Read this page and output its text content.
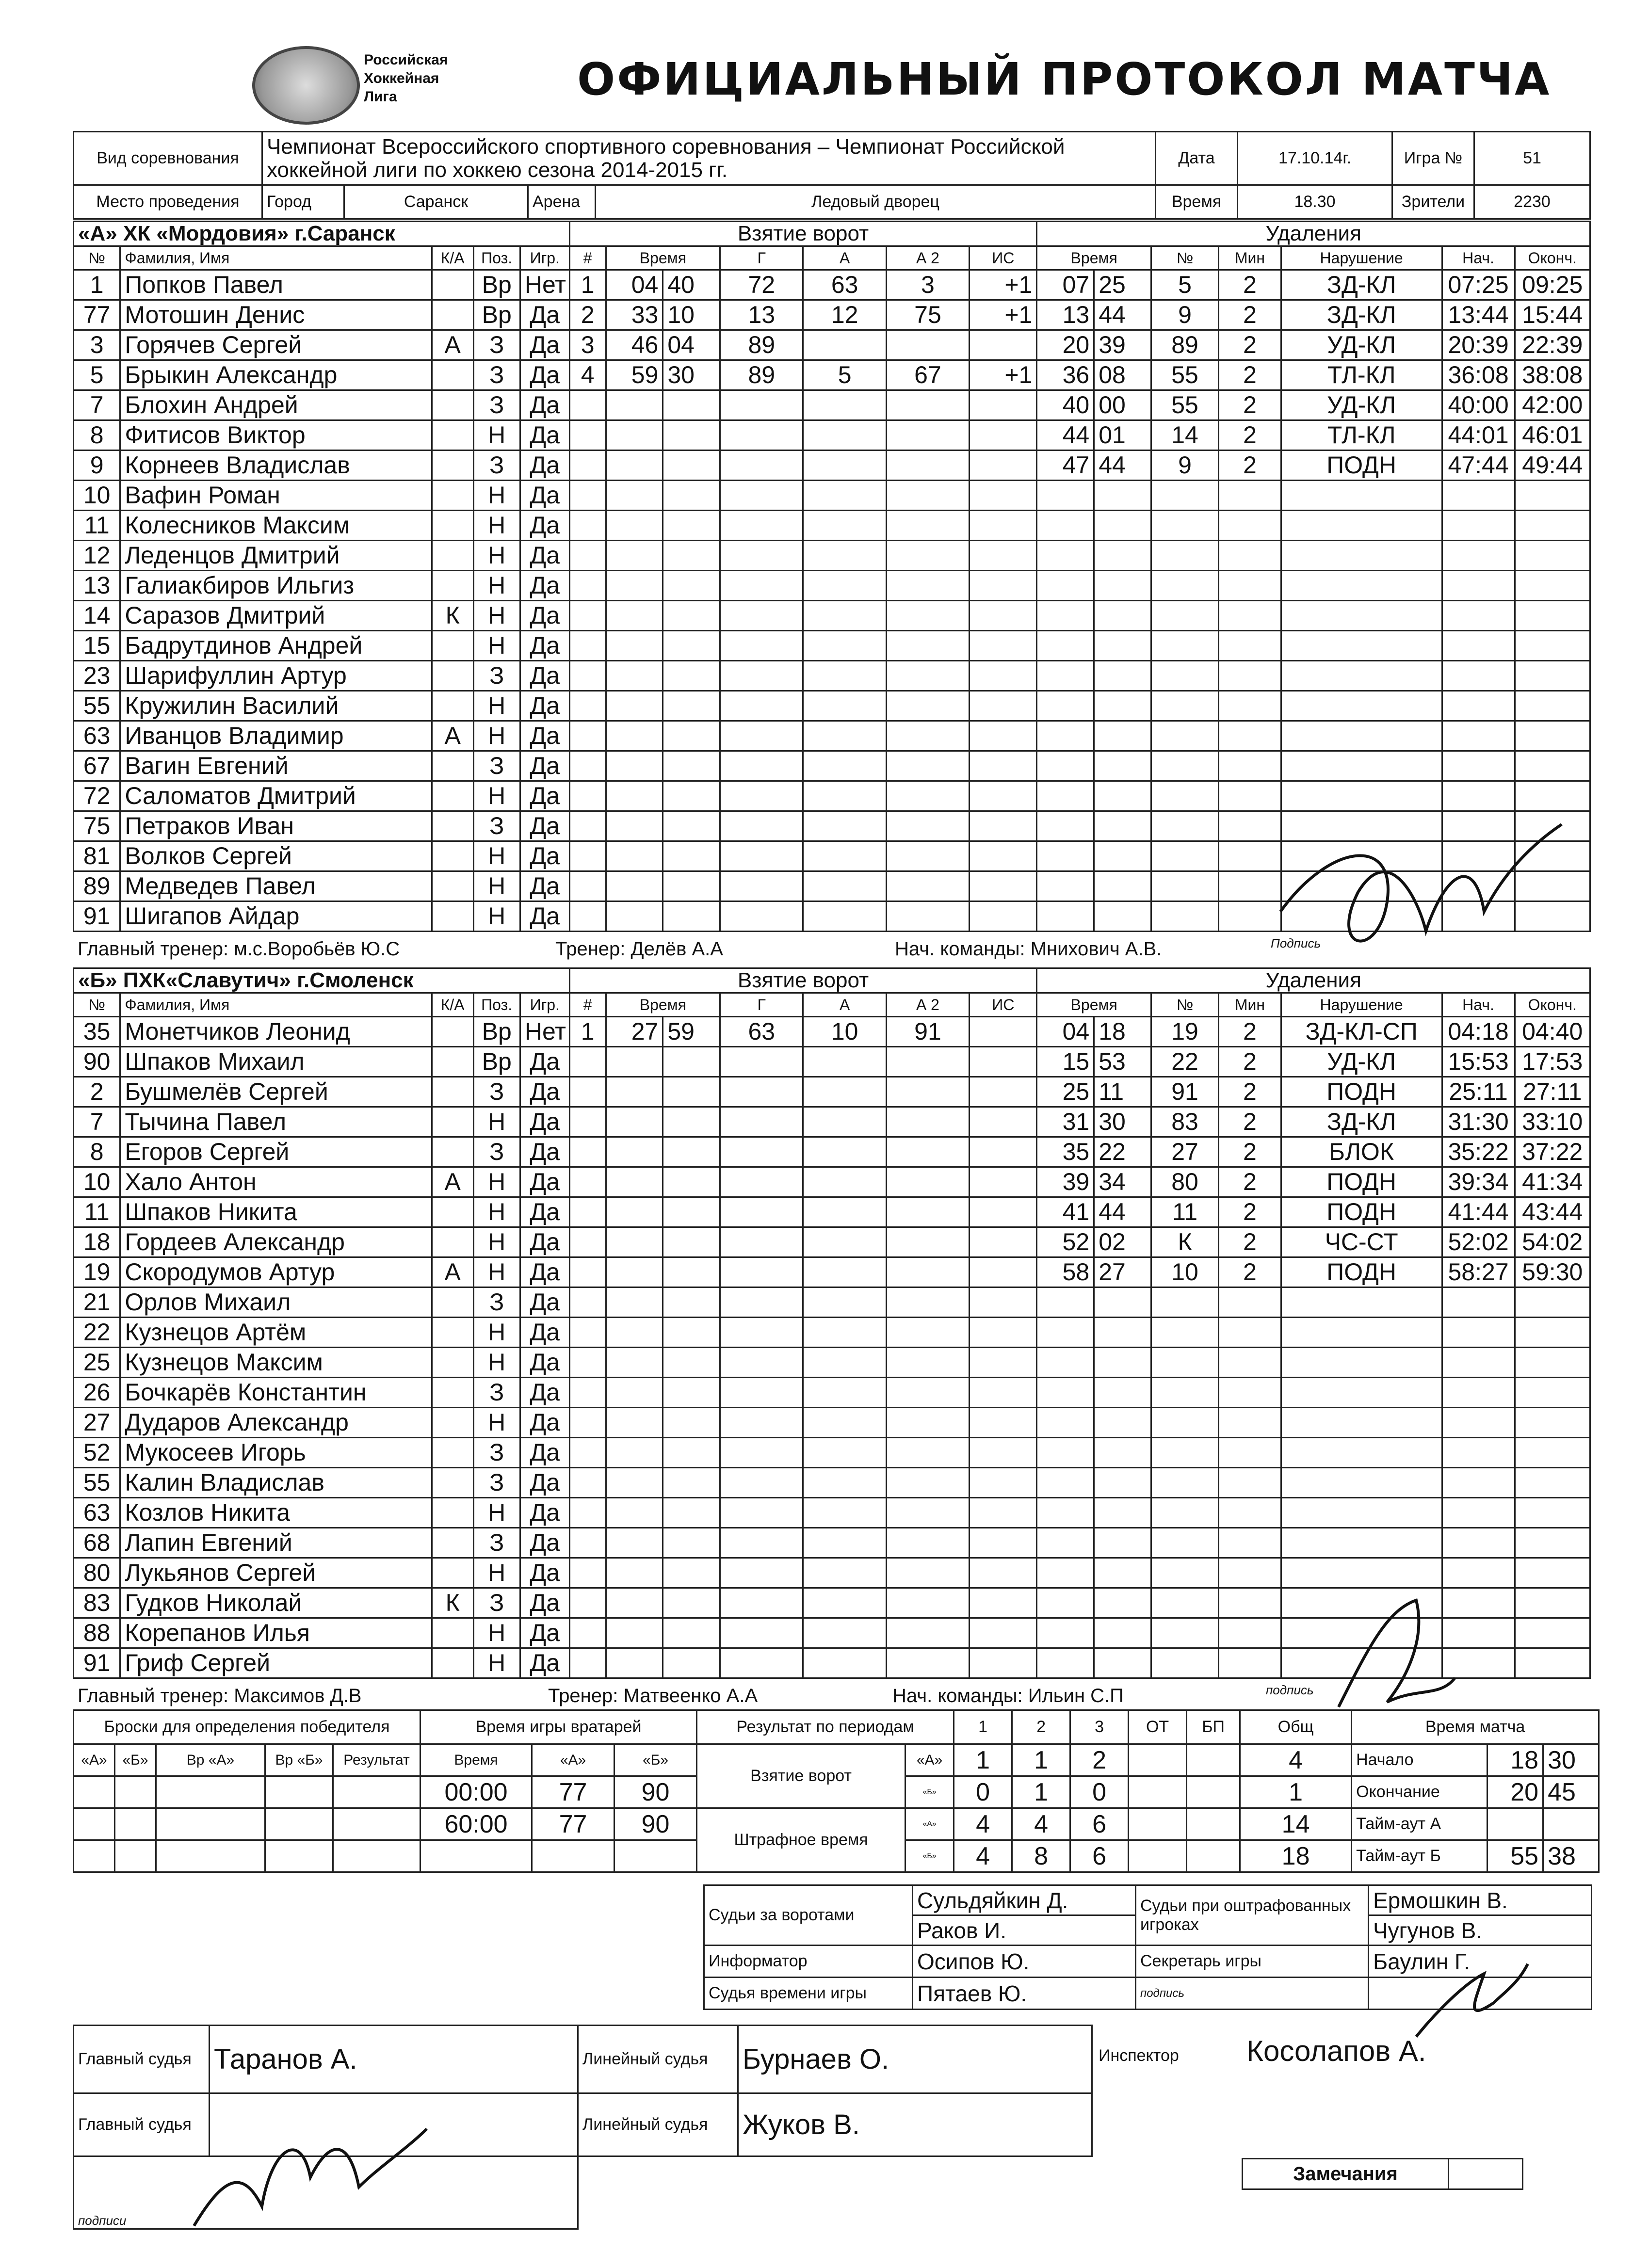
Российская
Хоккейная
Лига	ОФИЦИАЛЬНЫЙ ПРОТОКОЛ МАТЧА
Вид соревнования	Чемпионат Всероссийского спортивного соревнования – Чемпионат Российской хоккейной лиги по хоккею сезона 2014-2015 гг.				Дата	17.10.14г.	Игра №	51
Место проведения	Город	Саранск	Арена	Ледовый дворец	Время	18.30	Зрители	2230
«А» ХК «Мордовия» г.Саранск					Взятие ворот							Удаления						
№	Фамилия, Имя	К/А	Поз.	Игр.	#	Время		Г	А	А 2	ИС	Время		№	Мин	Нарушение	Нач.	Оконч.
1	Попков Павел		Вр	Нет	1	04	40	72	63	3	+1	07	25	5	2	ЗД-КЛ	07:25	09:25
77	Мотошин Денис		Вр	Да	2	33	10	13	12	75	+1	13	44	9	2	ЗД-КЛ	13:44	15:44
3	Горячев Сергей	А	З	Да	3	46	04	89				20	39	89	2	УД-КЛ	20:39	22:39
5	Брыкин Александр		З	Да	4	59	30	89	5	67	+1	36	08	55	2	ТЛ-КЛ	36:08	38:08
7	Блохин Андрей		З	Да								40	00	55	2	УД-КЛ	40:00	42:00
8	Фитисов Виктор		Н	Да								44	01	14	2	ТЛ-КЛ	44:01	46:01
9	Корнеев Владислав		З	Да								47	44	9	2	ПОДН	47:44	49:44
10	Вафин Роман		Н	Да														
11	Колесников Максим		Н	Да														
12	Леденцов Дмитрий		Н	Да														
13	Галиакбиров Ильгиз		Н	Да														
14	Саразов Дмитрий	К	Н	Да														
15	Бадрутдинов Андрей		Н	Да														
23	Шарифуллин Артур		З	Да														
55	Кружилин Василий		Н	Да														
63	Иванцов Владимир	А	Н	Да														
67	Вагин Евгений		З	Да														
72	Саломатов Дмитрий		Н	Да														
75	Петраков Иван		З	Да														
81	Волков Сергей		Н	Да														
89	Медведев Павел		Н	Да														
91	Шигапов Айдар		Н	Да														
Главный тренер: м.с.Воробьёв Ю.С	Тренер: Делёв А.А	Нач. команды: Мнихович А.В.	Подпись
«Б» ПХК«Славутич» г.Смоленск					Взятие ворот							Удаления						
№	Фамилия, Имя	К/А	Поз.	Игр.	#	Время		Г	А	А 2	ИС	Время		№	Мин	Нарушение	Нач.	Оконч.
35	Монетчиков Леонид		Вр	Нет	1	27	59	63	10	91		04	18	19	2	ЗД-КЛ-СП	04:18	04:40
90	Шпаков Михаил		Вр	Да								15	53	22	2	УД-КЛ	15:53	17:53
2	Бушмелёв Сергей		З	Да								25	11	91	2	ПОДН	25:11	27:11
7	Тычина Павел		Н	Да								31	30	83	2	ЗД-КЛ	31:30	33:10
8	Егоров Сергей		З	Да								35	22	27	2	БЛОК	35:22	37:22
10	Хало Антон	А	Н	Да								39	34	80	2	ПОДН	39:34	41:34
11	Шпаков Никита		Н	Да								41	44	11	2	ПОДН	41:44	43:44
18	Гордеев Александр		Н	Да								52	02	К	2	ЧС-СТ	52:02	54:02
19	Скородумов Артур	А	Н	Да								58	27	10	2	ПОДН	58:27	59:30
21	Орлов Михаил		З	Да														
22	Кузнецов Артём		Н	Да														
25	Кузнецов Максим		Н	Да														
26	Бочкарёв Константин		З	Да														
27	Дударов Александр		Н	Да														
52	Мукосеев Игорь		З	Да														
55	Калин Владислав		З	Да														
63	Козлов Никита		Н	Да														
68	Лапин Евгений		З	Да														
80	Лукьянов Сергей		Н	Да														
83	Гудков Николай	К	З	Да														
88	Корепанов Илья		Н	Да														
91	Гриф Сергей		Н	Да														
Главный тренер: Максимов Д.В	Тренер: Матвеенко А.А	Нач. команды: Ильин С.П	подпись
Броски для определения победителя					Время игры вратарей			Результат по периодам		1	2	3	ОТ	БП	Общ	Время матча		
«А»	«Б»	Вр «А»	Вр «Б»	Результат	Время	«А»	«Б»	Взятие ворот	«А»	1	1	2			4	Начало	18	30
					00:00	77	90		«Б»	0	1	0			1	Окончание	20	45
					60:00	77	90	Штрафное время	«А»	4	4	6			14	Тайм-аут А		
									«Б»	4	8	6			18	Тайм-аут Б	55	38
Судьи за воротами	Сульдяйкин Д.	Судьи при оштрафованных игроках	Ермошкин В.
	Раков И.		Чугунов В.
Информатор	Осипов Ю.	Секретарь игры	Баулин Г.
Судья времени игры	Пятаев Ю.	подпись	
Главный судья	Таранов А.	Линейный судья	Бурнаев О.
Главный судья		Линейный судья	Жуков В.
подписи			
Инспектор Косолапов А.
Замечания
